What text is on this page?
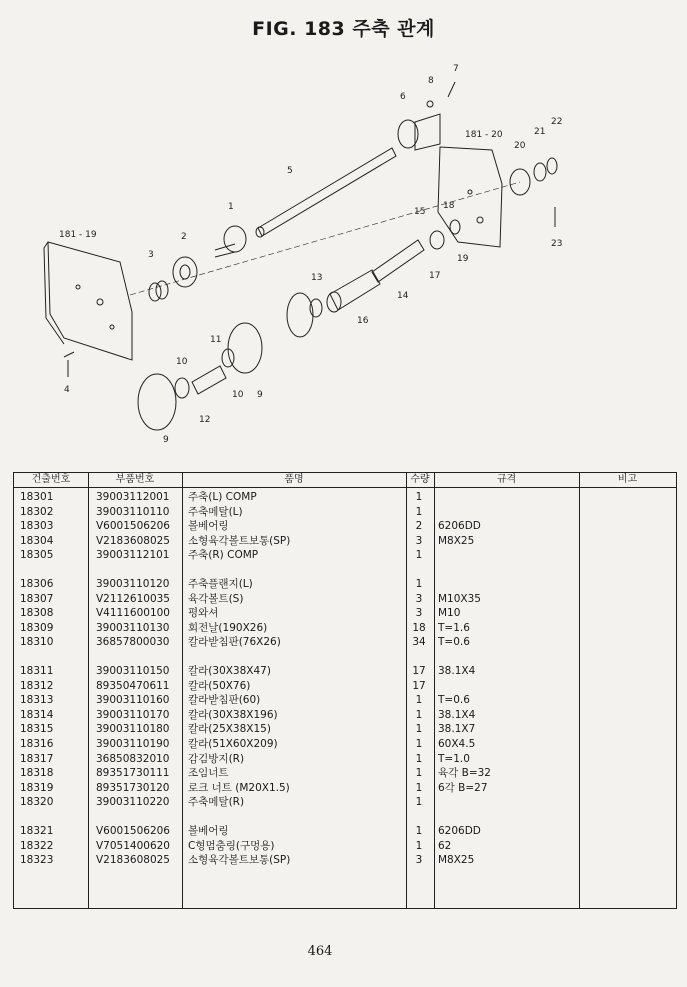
FIG. 183 주축 관계
181 - 19
181 - 20
1
2
3
4
5
6
7
8
9
9
10
10
11
12
13
14
15
16
17
18
19
20
21
22
23
건출번호	부품번호	품명	수량	규격	비고
18301	39003112001 주축(L) COMP	1
18302	39003110110 주축메탈(L)	1
18303	V6001506206 볼베어링	2	6206DD
18304	V2183608025 소형육각볼트보통(SP)	3	M8X25
18305	39003112101 주축(R) COMP	1
18306	39003110120 주축플랜지(L)	1
18307	V2112610035 육각볼트(S)	3	M10X35
18308	V4111600100 평와셔	3	M10
18309	39003110130 회전날(190X26)	18	T=1.6
18310	36857800030 칼라받침판(76X26)	34	T=0.6
18311	39003110150 칼라(30X38X47)	17	38.1X4
18312	89350470611 칼라(50X76)	17
18313	39003110160 칼라받침판(60)	1	T=0.6
18314	39003110170 칼라(30X38X196)	1	38.1X4
18315	39003110180 칼라(25X38X15)	1	38.1X7
18316	39003110190 칼라(51X60X209)	1	60X4.5
18317	36850832010 감김방지(R)	1	T=1.0
18318	89351730111 조임너트	1	육각 B=32
18319	89351730120 로크 너트 (M20X1.5)	1	6각 B=27
18320	39003110220 주축메탈(R)	1
18321	V6001506206 볼베어링	1	6206DD
18322	V7051400620 C형멈춤링(구멍용)	1	62
18323	V2183608025 소형육각볼트보통(SP)	3	M8X25
464
